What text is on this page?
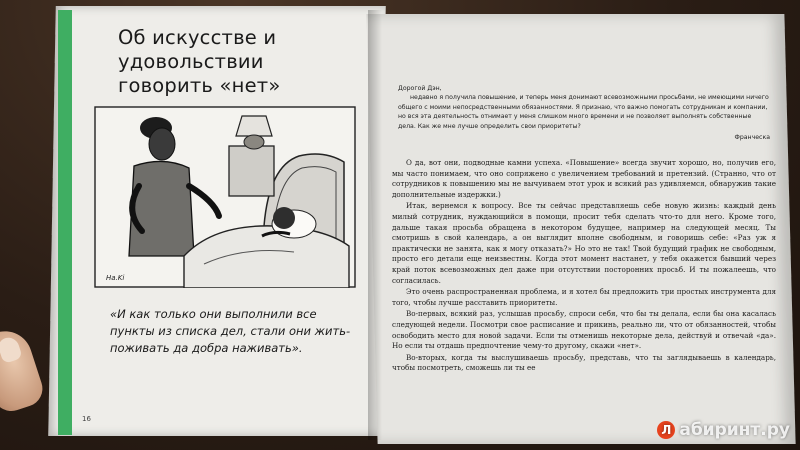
Об искусстве и удовольствии
говорить «нет»
Ha.Ki

«И как только они выполнили все пункты из списка дел, стали они жить-поживать да добра наживать».

16

Дорогой Дэн,

недавно я получила повышение, и теперь меня донимают всевозможными просьбами, не имеющими ничего общего с моими непосредственными обязанностями. Я признаю, что важно помогать сотрудникам и компании, но вся эта деятельность отнимает у меня слишком много времени и не позволяет выполнять собственные дела. Как же мне лучше определить свои приоритеты?

Франческа

О да, вот они, подводные камни успеха. «Повышение» всегда звучит хорошо, но, получив его, мы часто понимаем, что оно сопряжено с увеличением требований и претензий. (Странно, что от сотрудников к повышению мы не вычуиваем этот урок и всякий раз удивляемся, обнаружив такие дополнительные издержки.)

Итак, вернемся к вопросу. Все ты сейчас представляешь себе новую жизнь: каждый день милый сотрудник, нуждающийся в помощи, просит тебя сделать что-то для него. Кроме того, дальше такая просьба обращена в некотором будущее, например на следующей месяц. Ты смотришь в свой календарь, а он выглядит вполне свободным, и говоришь себе: «Раз уж я практически не занята, как я могу отказать?» Но это не так! Твой будущий график не свободным, просто его детали еще неизвестны. Когда этот момент настанет, у тебя окажется бывший через край поток всевозможных дел даже при отсутствии посторонних просьб. И ты пожалеешь, что согласилась.

Это очень распространенная проблема, и я хотел бы предложить три простых инструмента для того, чтобы лучше расставить приоритеты.

Во-первых, всякий раз, услышав просьбу, спроси себя, что бы ты делала, если бы она касалась следующей недели. Посмотри свое расписание и прикинь, реально ли, что от обязанностей, чтобы освободить место для новой задачи. Если ты отменишь некоторые дела, действуй и отвечай «да». Но если ты отдашь предпочтение чему-то другому, скажи «нет».

Во-вторых, когда ты выслушиваешь просьбу, представь, что ты заглядываешь в календарь, чтобы посмотреть, сможешь ли ты ее

Л абиринт.ру
